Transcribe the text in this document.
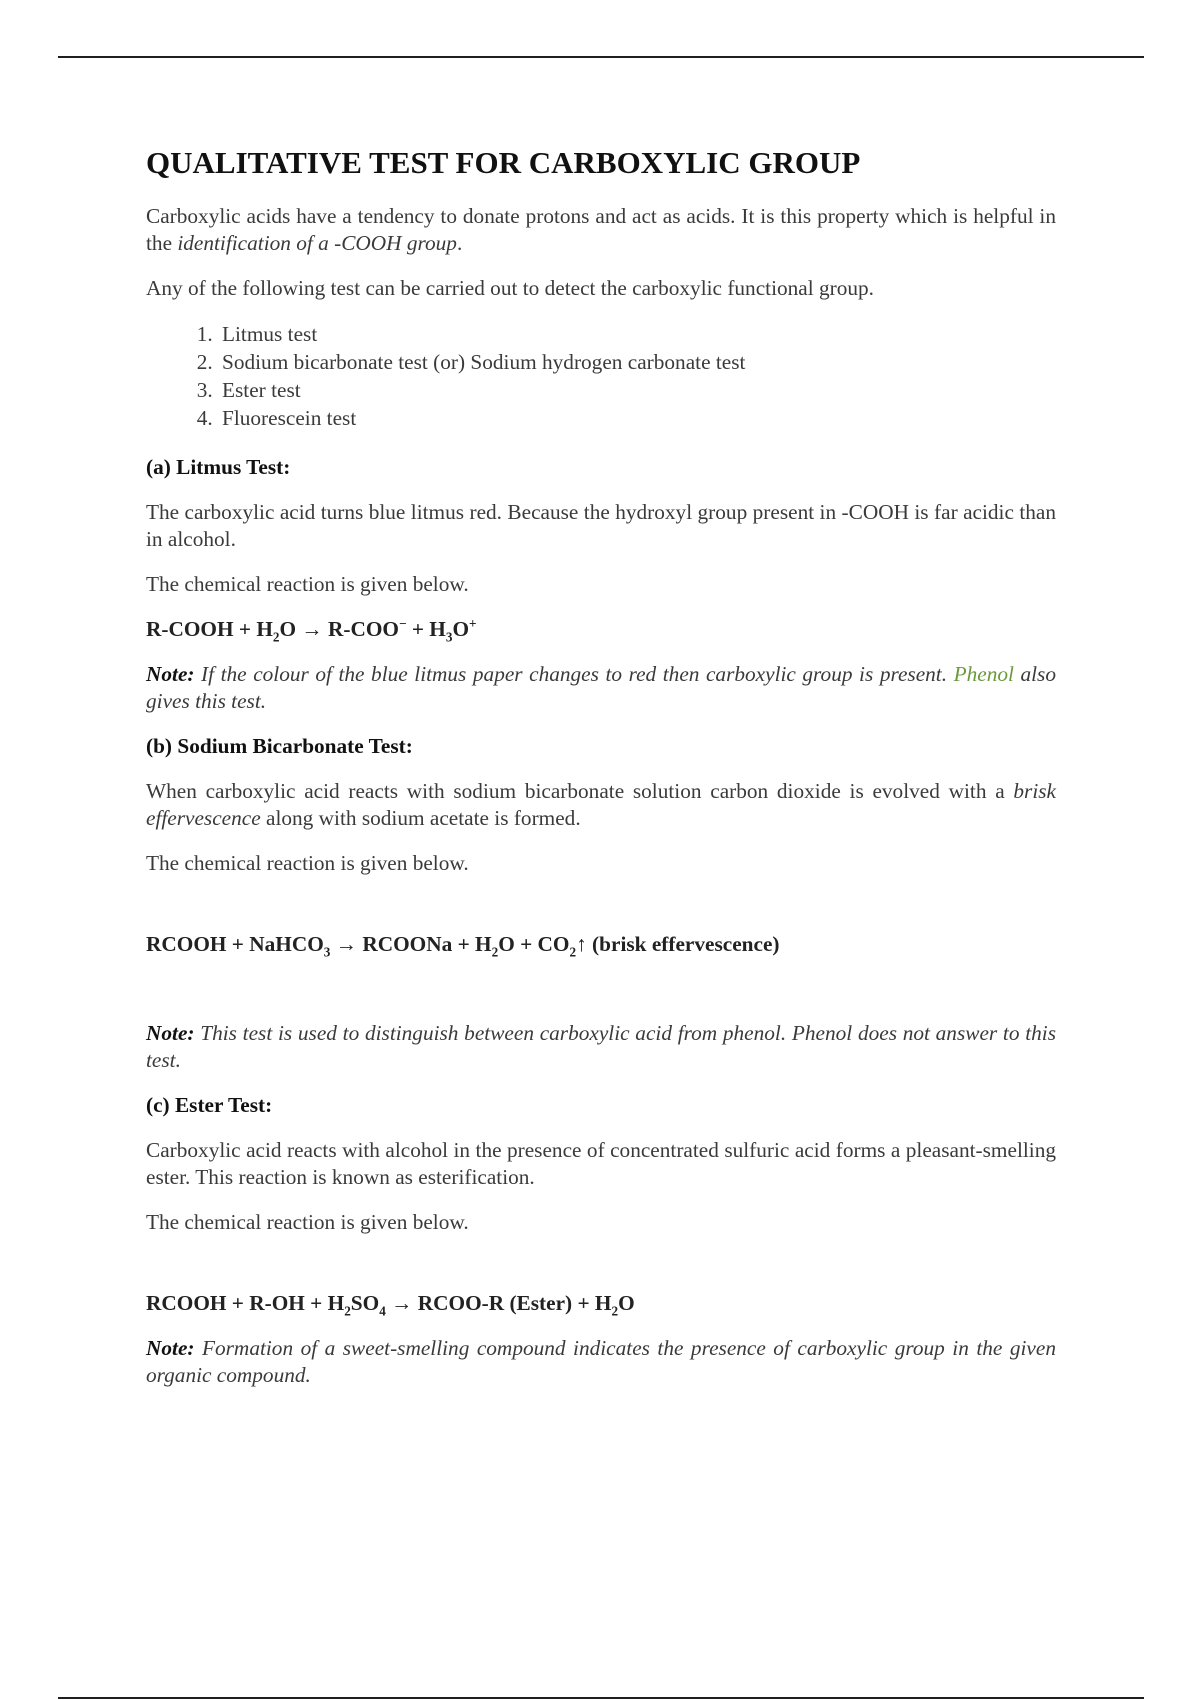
QUALITATIVE TEST FOR CARBOXYLIC GROUP

Carboxylic acids have a tendency to donate protons and act as acids. It is this property which is helpful in the identification of a -COOH group.

Any of the following test can be carried out to detect the carboxylic functional group.

1. Litmus test
2. Sodium bicarbonate test (or) Sodium hydrogen carbonate test
3. Ester test
4. Fluorescein test
(a) Litmus Test:

The carboxylic acid turns blue litmus red. Because the hydroxyl group present in -COOH is far acidic than in alcohol.

The chemical reaction is given below.

R-COOH + $H_2O \to R-COO^- + H_3O^+$

Note: If the colour of the blue litmus paper changes to red then carboxylic group is present. Phenol also gives this test.

(b) Sodium Bicarbonate Test:

When carboxylic acid reacts with sodium bicarbonate solution carbon dioxide is evolved with a brisk effervescence along with sodium acetate is formed.

The chemical reaction is given below.

RCOOH + NaHCO$_3$ → RCOONa + $H_2O$ + $CO_2↑$ (brisk effervescence)

Note: This test is used to distinguish between carboxylic acid from phenol. Phenol does not answer to this test.

(c) Ester Test:

Carboxylic acid reacts with alcohol in the presence of concentrated sulfuric acid forms a pleasant-smelling ester. This reaction is known as esterification.

The chemical reaction is given below.

RCOOH + $R-OH + H_2SO_4$ → RCOO-R (Ester) + $H_2O$

Note: Formation of a sweet-smelling compound indicates the presence of carboxylic group in the given organic compound.
